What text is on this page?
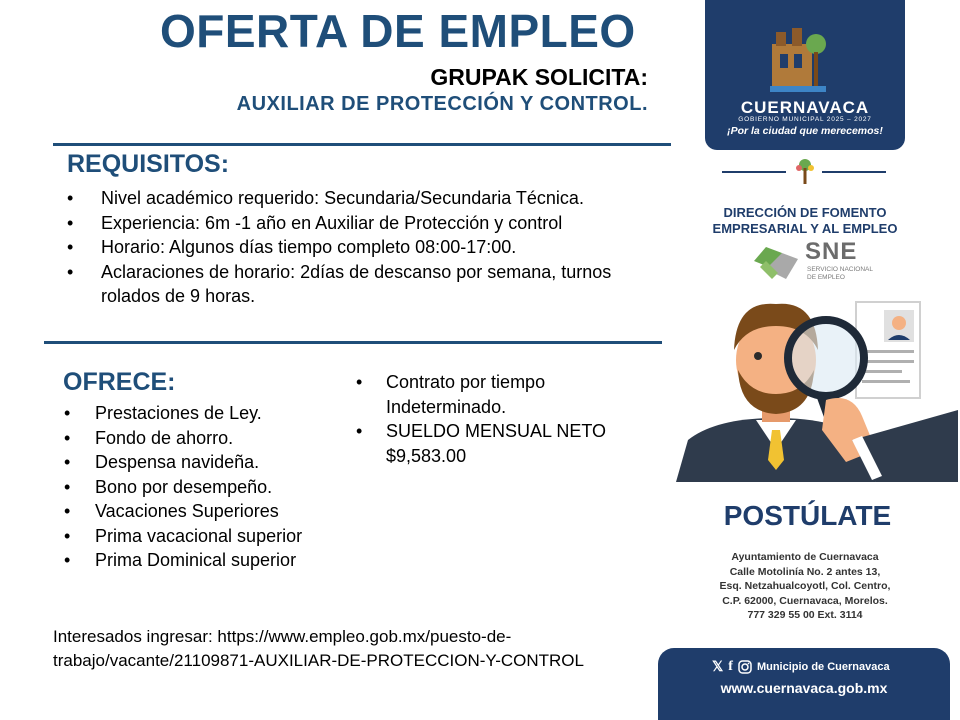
OFERTA DE EMPLEO
GRUPAK SOLICITA:
AUXILIAR DE PROTECCIÓN Y CONTROL.
REQUISITOS:
• Nivel académico requerido: Secundaria/Secundaria Técnica.
• Experiencia: 6m -1 año en Auxiliar de Protección y control
• Horario: Algunos días tiempo completo 08:00-17:00.
• Aclaraciones de horario: 2días de descanso por semana, turnos rolados de 9 horas.
OFRECE:
• Prestaciones de Ley.
• Fondo de ahorro.
• Despensa navideña.
• Bono por desempeño.
• Vacaciones Superiores
• Prima vacacional superior
• Prima Dominical superior
• Contrato por tiempo Indeterminado.
• SUELDO MENSUAL NETO $9,583.00
Interesados ingresar: https://www.empleo.gob.mx/puesto-de-trabajo/vacante/21109871-AUXILIAR-DE-PROTECCION-Y-CONTROL
CUERNAVACA
GOBIERNO MUNICIPAL 2025 – 2027
¡Por la ciudad que merecemos!
DIRECCIÓN DE FOMENTO EMPRESARIAL Y AL EMPLEO
SNE
SERVICIO NACIONAL
DE EMPLEO
POSTÚLATE
Ayuntamiento de Cuernavaca
Calle Motolinía No. 2 antes 13,
Esq. Netzahualcoyotl, Col. Centro,
C.P. 62000, Cuernavaca, Morelos.
777 329 55 00 Ext. 3114
𝕏 f Municipio de Cuernavaca
www.cuernavaca.gob.mx
